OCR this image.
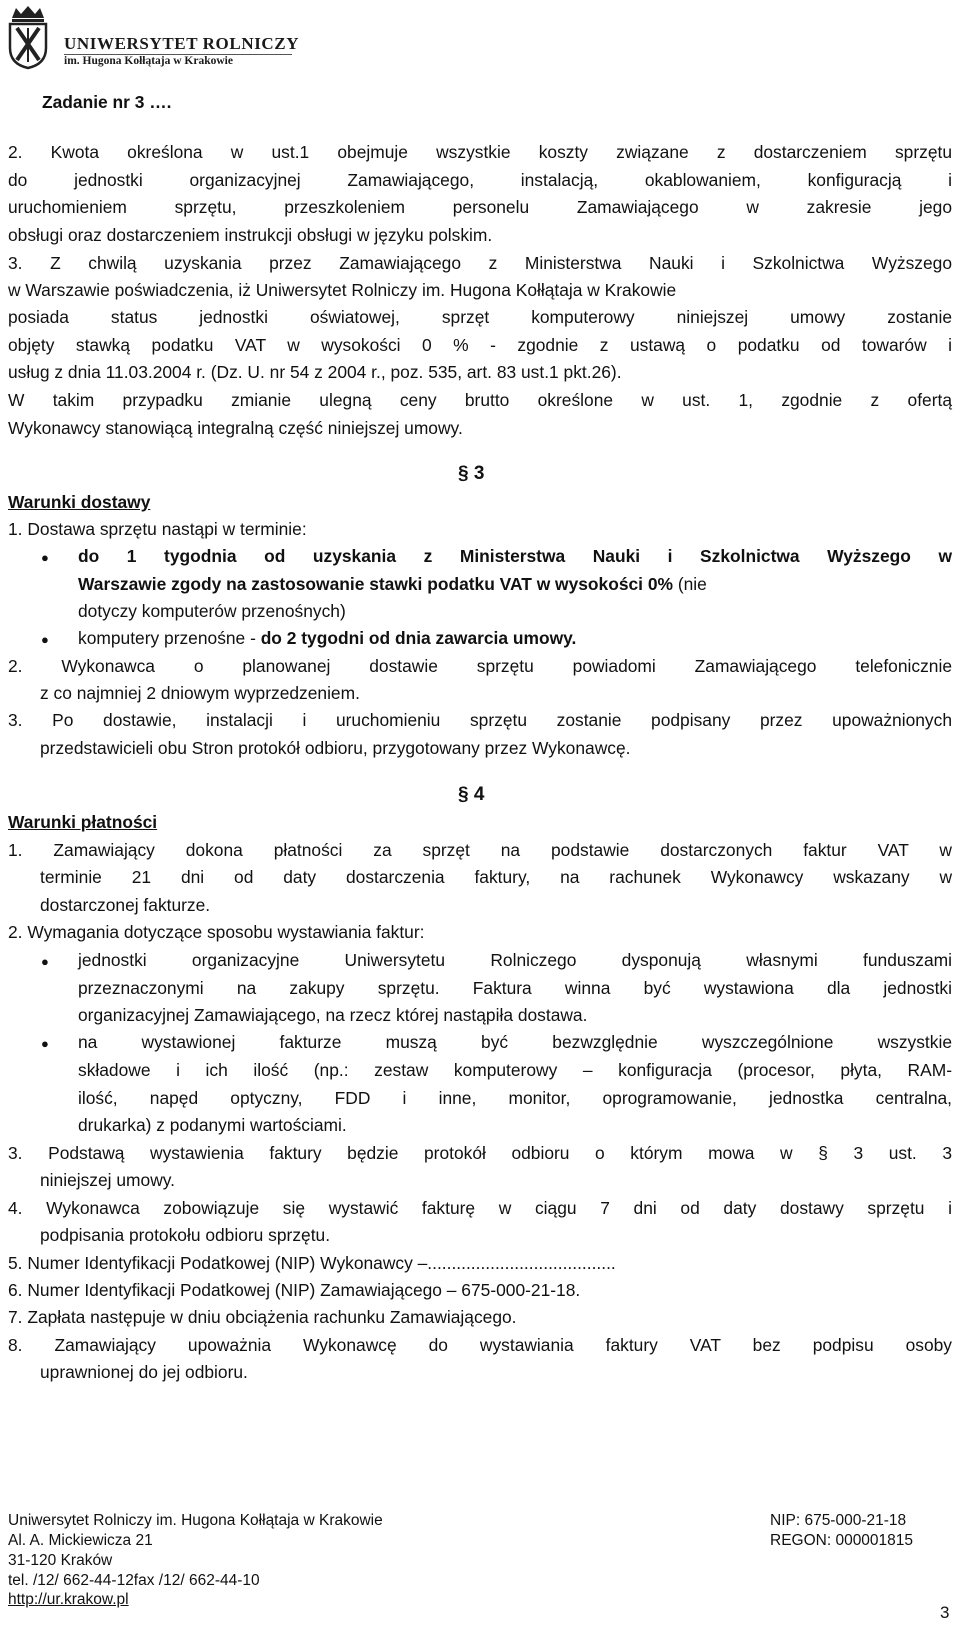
UNIWERSYTET ROLNICZY
im. Hugona Kołłątaja w Krakowie
Zadanie nr 3 ….
2. Kwota określona w ust.1 obejmuje wszystkie koszty związane z dostarczeniem sprzętu
do jednostki organizacyjnej Zamawiającego, instalacją, okablowaniem, konfiguracją i
uruchomieniem sprzętu, przeszkoleniem personelu Zamawiającego w zakresie jego
obsługi oraz dostarczeniem instrukcji obsługi w języku polskim.
3. Z chwilą uzyskania przez Zamawiającego z Ministerstwa Nauki i Szkolnictwa Wyższego
w Warszawie poświadczenia, iż Uniwersytet Rolniczy im. Hugona Kołłątaja w Krakowie
posiada status jednostki oświatowej, sprzęt komputerowy niniejszej umowy zostanie
objęty stawką podatku VAT w wysokości 0 % - zgodnie z ustawą o podatku od towarów i
usług z dnia 11.03.2004 r. (Dz. U. nr 54 z 2004 r., poz. 535, art. 83 ust.1 pkt.26).
W takim przypadku zmianie ulegną ceny brutto określone w ust. 1, zgodnie z ofertą
Wykonawcy stanowiącą integralną część niniejszej umowy.
§ 3
Warunki dostawy
1. Dostawa sprzętu nastąpi w terminie:
● do 1 tygodnia od uzyskania z Ministerstwa Nauki i Szkolnictwa Wyższego w
Warszawie zgody na zastosowanie stawki podatku VAT w wysokości 0% (nie
dotyczy komputerów przenośnych)
● komputery przenośne - do 2 tygodni od dnia zawarcia umowy.
2. Wykonawca o planowanej dostawie sprzętu powiadomi Zamawiającego telefonicznie
z co najmniej 2 dniowym wyprzedzeniem.
3. Po dostawie, instalacji i uruchomieniu sprzętu zostanie podpisany przez upoważnionych
przedstawicieli obu Stron protokół odbioru, przygotowany przez Wykonawcę.
§ 4
Warunki płatności
1. Zamawiający dokona płatności za sprzęt na podstawie dostarczonych faktur VAT w
terminie 21 dni od daty dostarczenia faktury, na rachunek Wykonawcy wskazany w
dostarczonej fakturze.
2. Wymagania dotyczące sposobu wystawiania faktur:
● jednostki organizacyjne Uniwersytetu Rolniczego dysponują własnymi funduszami
przeznaczonymi na zakupy sprzętu. Faktura winna być wystawiona dla jednostki
organizacyjnej Zamawiającego, na rzecz której nastąpiła dostawa.
● na wystawionej fakturze muszą być bezwzględnie wyszczególnione wszystkie
składowe i ich ilość (np.: zestaw komputerowy – konfiguracja (procesor, płyta, RAM-
ilość, napęd optyczny, FDD i inne, monitor, oprogramowanie, jednostka centralna,
drukarka) z podanymi wartościami.
3. Podstawą wystawienia faktury będzie protokół odbioru o którym mowa w § 3 ust. 3
niniejszej umowy.
4. Wykonawca zobowiązuje się wystawić fakturę w ciągu 7 dni od daty dostawy sprzętu i
podpisania protokołu odbioru sprzętu.
5. Numer Identyfikacji Podatkowej (NIP) Wykonawcy –.......................................
6. Numer Identyfikacji Podatkowej (NIP) Zamawiającego – 675-000-21-18.
7. Zapłata następuje w dniu obciążenia rachunku Zamawiającego.
8. Zamawiający upoważnia Wykonawcę do wystawiania faktury VAT bez podpisu osoby
uprawnionej do jej odbioru.
Uniwersytet Rolniczy im. Hugona Kołłątaja w Krakowie
Al. A. Mickiewicza 21
31-120 Kraków
tel. /12/ 662-44-12fax /12/ 662-44-10
http://ur.krakow.pl
NIP: 675-000-21-18
REGON: 000001815
3
